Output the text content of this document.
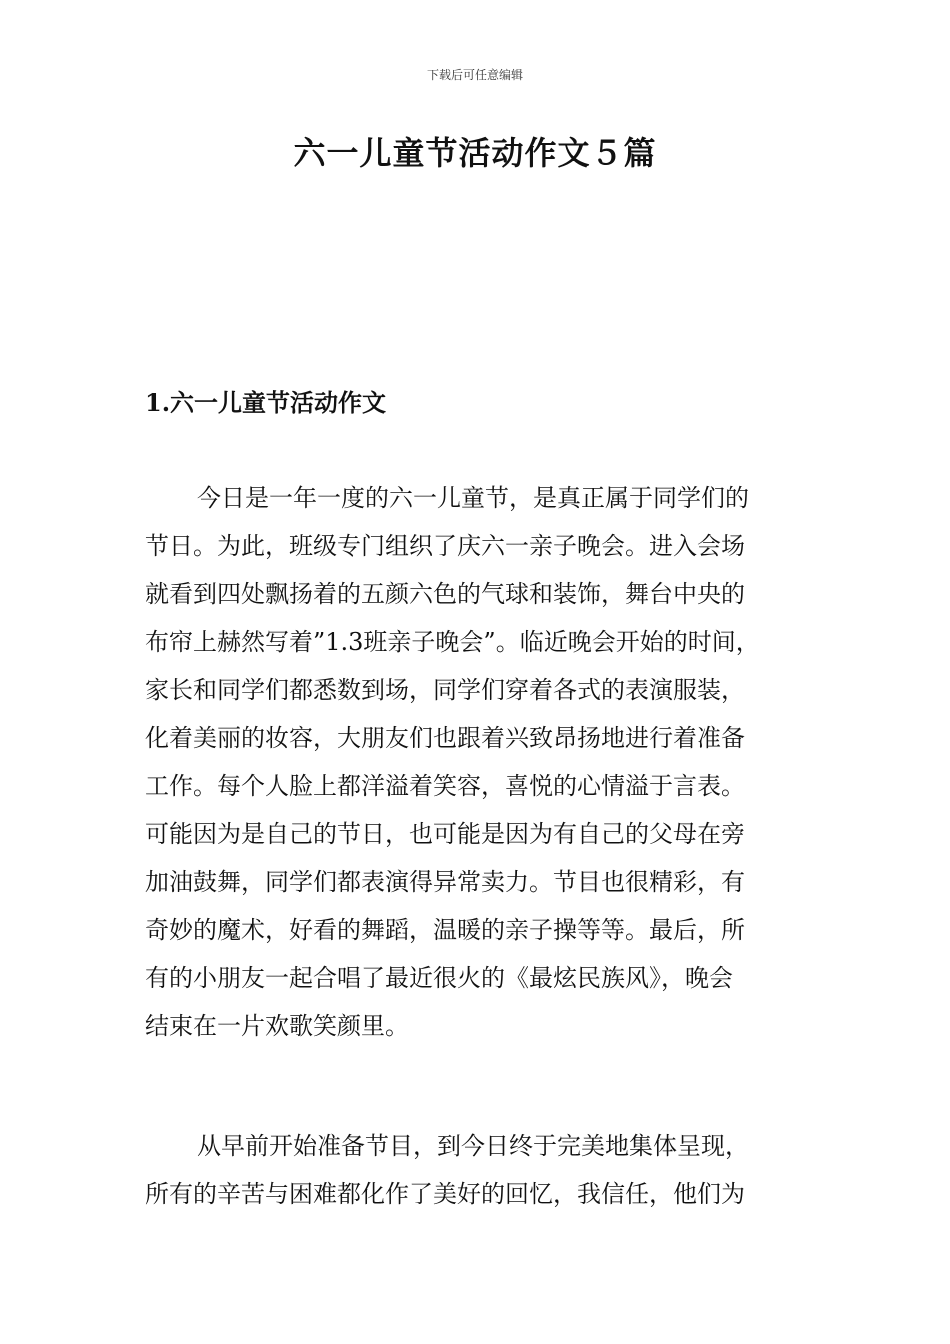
下载后可任意编辑
六一儿童节活动作文５篇
1.六一儿童节活动作文

今日是一年一度的六一儿童节，是真正属于同学们的
节日。为此，班级专门组织了庆六一亲子晚会。进入会场
就看到四处飘扬着的五颜六色的气球和装饰，舞台中央的
布帘上赫然写着”1.3班亲子晚会”。临近晚会开始的时间，
家长和同学们都悉数到场，同学们穿着各式的表演服装，
化着美丽的妆容，大朋友们也跟着兴致昂扬地进行着准备
工作。每个人脸上都洋溢着笑容，喜悦的心情溢于言表。
可能因为是自己的节日，也可能是因为有自己的父母在旁
加油鼓舞，同学们都表演得异常卖力。节目也很精彩，有
奇妙的魔术，好看的舞蹈，温暖的亲子操等等。最后，所
有的小朋友一起合唱了最近很火的《最炫民族风》，晚会
结束在一片欢歌笑颜里。

从早前开始准备节目，到今日终于完美地集体呈现，
所有的辛苦与困难都化作了美好的回忆，我信任，他们为
